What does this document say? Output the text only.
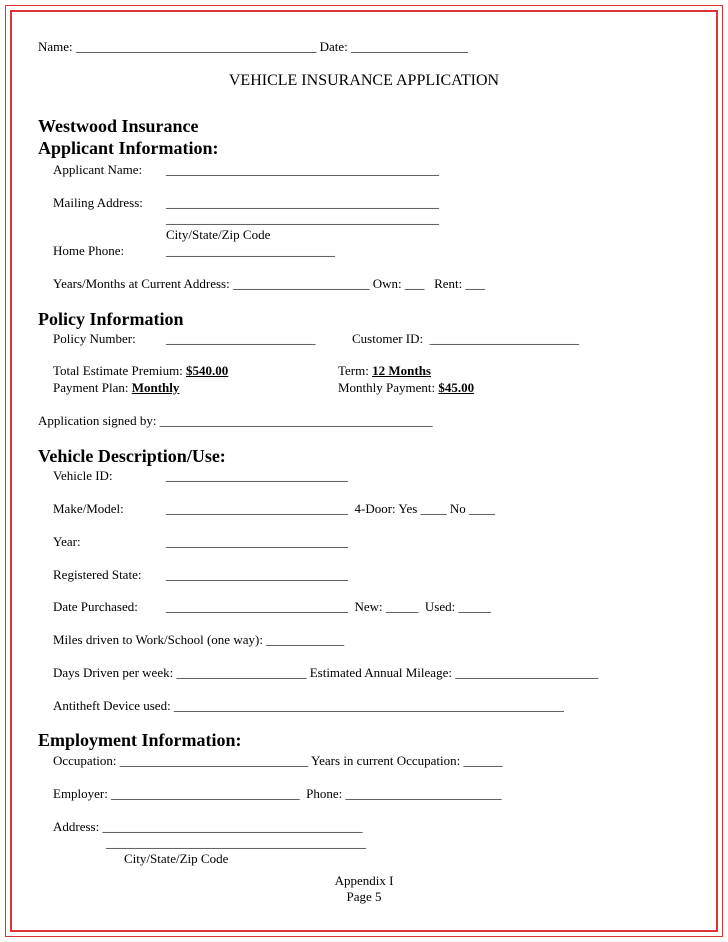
Name: _____________________________________ Date: __________________
VEHICLE INSURANCE APPLICATION
Westwood Insurance
Applicant Information:
Applicant Name: __________________________________________
Mailing Address: __________________________________________
__________________________________________
City/State/Zip Code
Home Phone:	__________________________
Years/Months at Current Address: _____________________ Own: ___   Rent: ___
Policy Information
Policy Number: _______________________	Customer ID:  _______________________
Total Estimate Premium: $540.00	Term: 12 Months
Payment Plan: Monthly	Monthly Payment: $45.00
Application signed by: __________________________________________
Vehicle Description/Use:
Vehicle ID:	____________________________
Make/Model:	____________________________  4-Door: Yes ____ No ____
Year:	____________________________
Registered State: ____________________________
Date Purchased: ____________________________  New: _____  Used: _____
Miles driven to Work/School (one way): ____________
Days Driven per week: ____________________ Estimated Annual Mileage: ______________________
Antitheft Device used: ____________________________________________________________
Employment Information:
Occupation: _____________________________ Years in current Occupation: ______
Employer: _____________________________  Phone: ________________________
Address: ________________________________________
________________________________________
City/State/Zip Code
Appendix I
Page 5
